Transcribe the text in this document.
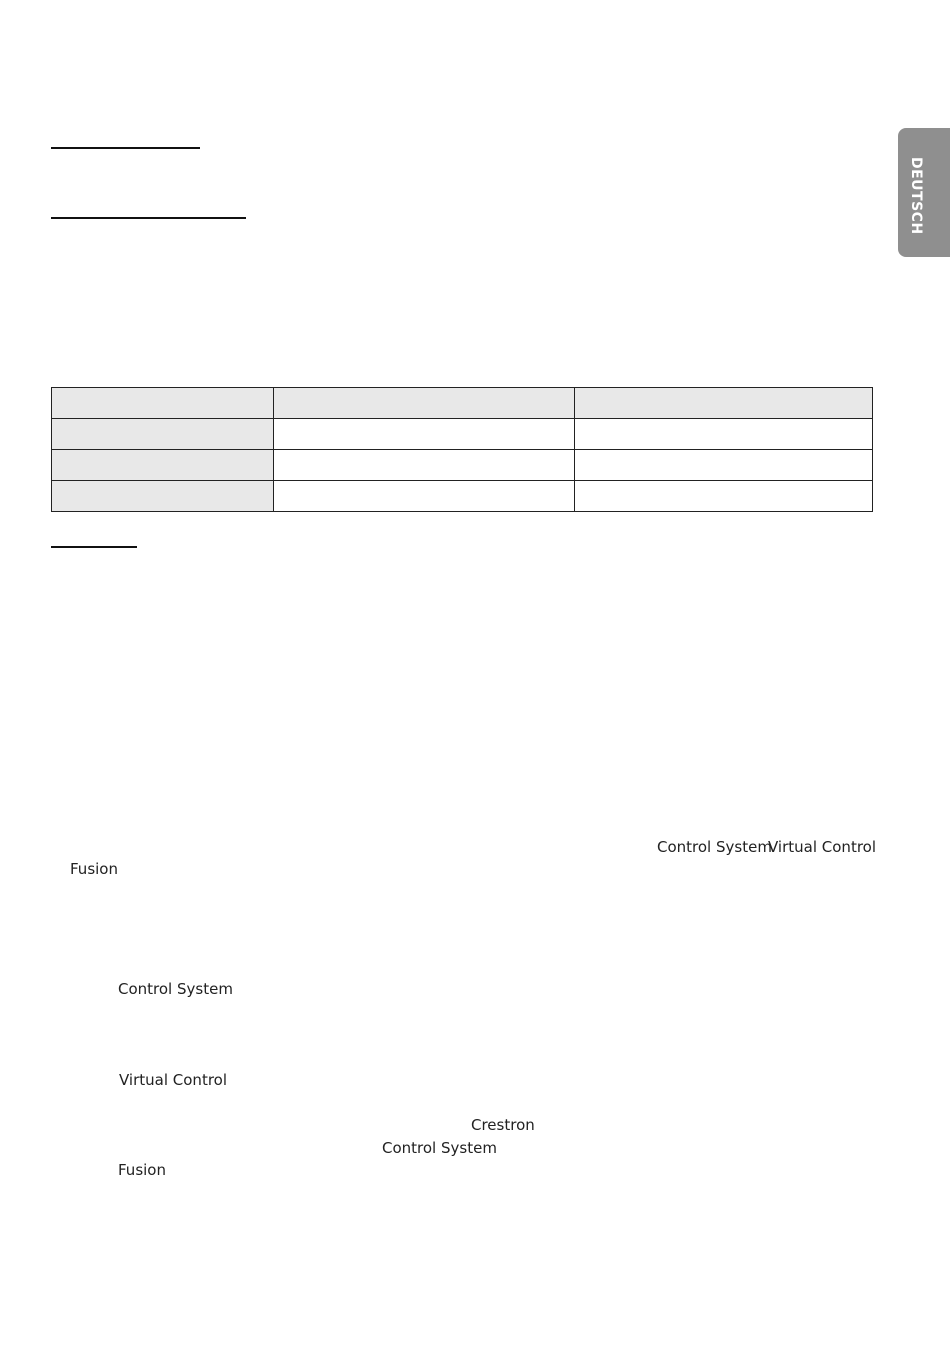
DEUTSCH

Control System
Virtual Control
Fusion
Control System
Virtual Control
Crestron
Control System
Fusion
